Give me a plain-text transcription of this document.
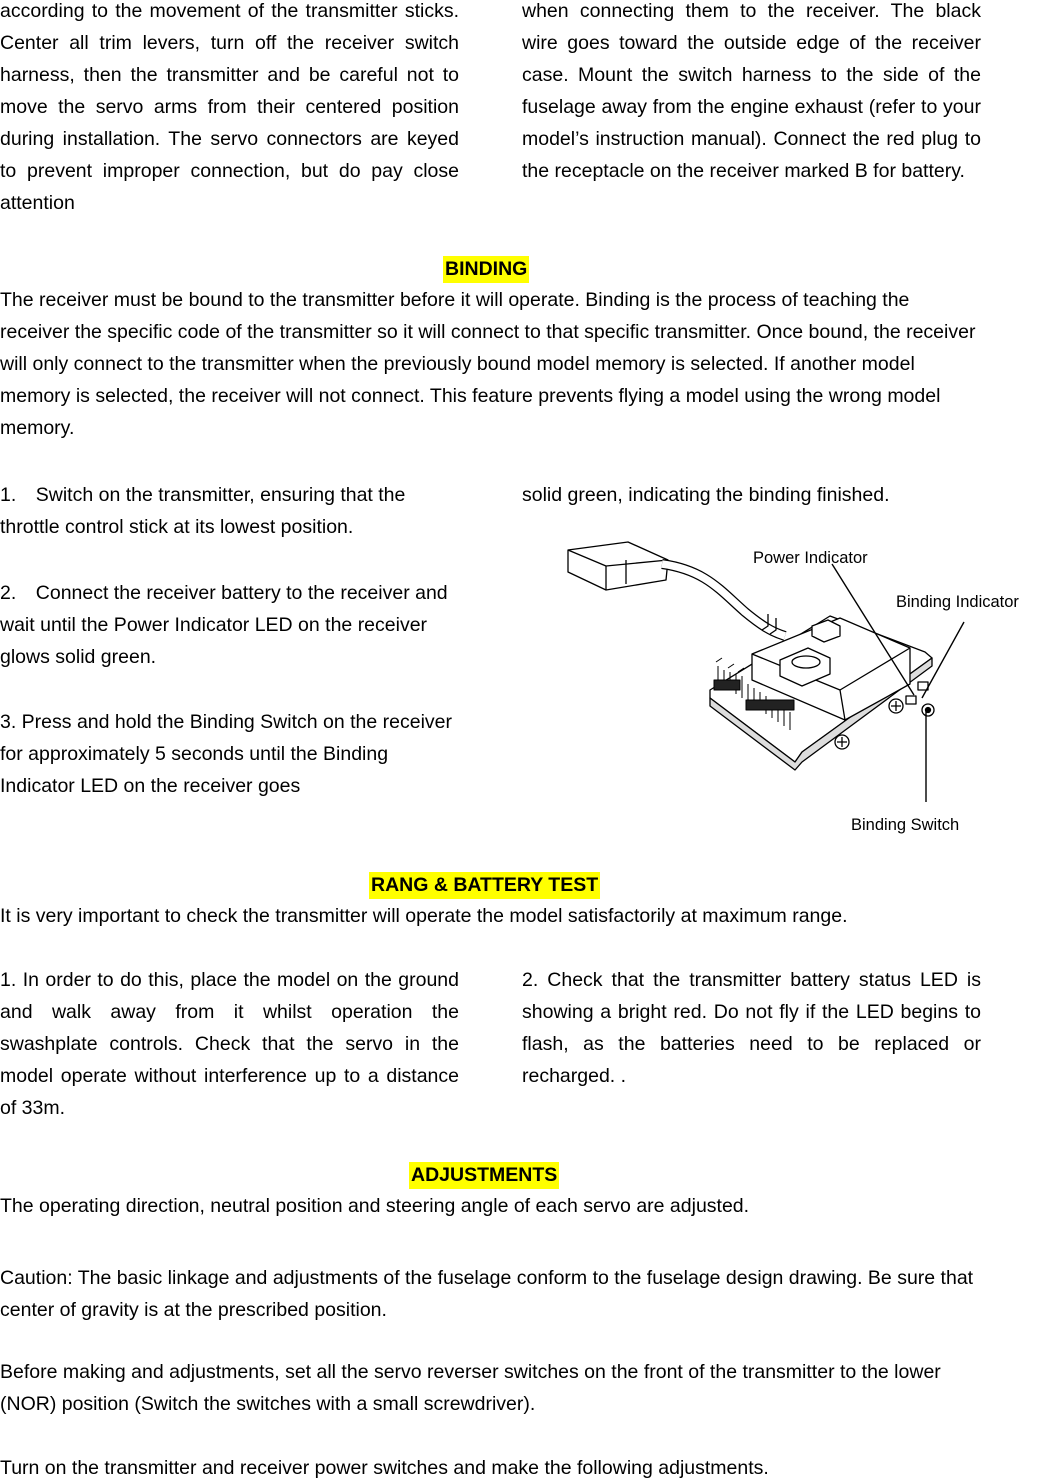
according to the movement of the transmitter sticks. Center all trim levers, turn off the receiver switch harness, then the transmitter and be careful not to move the servo arms from their centered position during installation. The servo connectors are keyed to prevent improper connection, but do pay close attention

when connecting them to the receiver. The black wire goes toward the outside edge of the receiver case. Mount the switch harness to the side of the fuselage away from the engine exhaust (refer to your model’s instruction manual). Connect the red plug to the receptacle on the receiver marked B for battery.

BINDING

The receiver must be bound to the transmitter before it will operate. Binding is the process of teaching the receiver the specific code of the transmitter so it will connect to that specific transmitter. Once bound, the receiver will only connect to the transmitter when the previously bound model memory is selected. If another model memory is selected, the receiver will not connect. This feature prevents flying a model using the wrong model memory.

1. Switch on the transmitter, ensuring that the throttle control stick at its lowest position.

2. Connect the receiver battery to the receiver and wait until the Power Indicator LED on the receiver glows solid green.

3. Press and hold the Binding Switch on the receiver for approximately 5 seconds until the Binding Indicator LED on the receiver goes

solid green, indicating the binding finished.

Power Indicator
Binding Indicator
Binding Switch
RANG & BATTERY TEST

It is very important to check the transmitter will operate the model satisfactorily at maximum range.

1. In order to do this, place the model on the ground and walk away from it whilst operation the swashplate controls. Check that the servo in the model operate without interference up to a distance of 33m.

2. Check that the transmitter battery status LED is showing a bright red. Do not fly if the LED begins to flash, as the batteries need to be replaced or recharged. .

ADJUSTMENTS

The operating direction, neutral position and steering angle of each servo are adjusted.

Caution: The basic linkage and adjustments of the fuselage conform to the fuselage design drawing. Be sure that center of gravity is at the prescribed position.

Before making and adjustments, set all the servo reverser switches on the front of the transmitter to the lower (NOR) position (Switch the switches with a small screwdriver).

Turn on the transmitter and receiver power switches and make the following adjustments.
